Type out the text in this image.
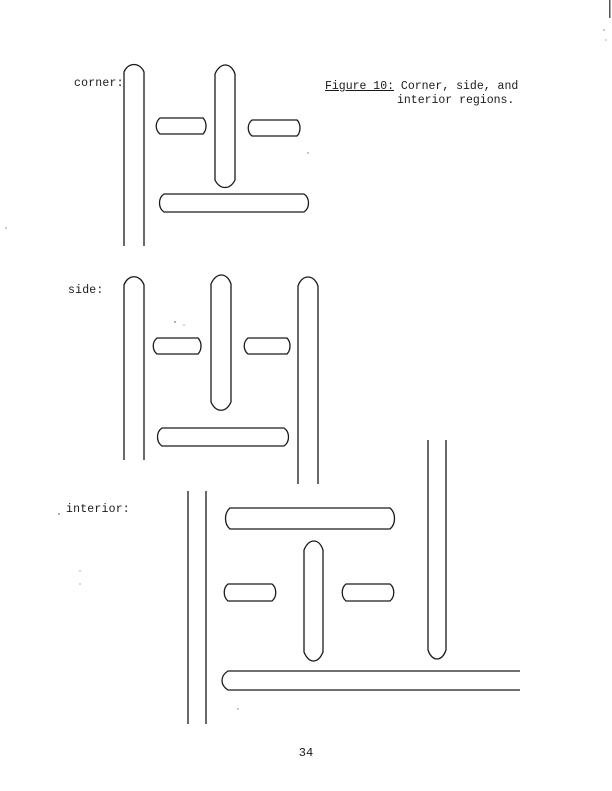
corner:
side:
interior:
Figure 10: Corner, side, and
interior regions.
34
